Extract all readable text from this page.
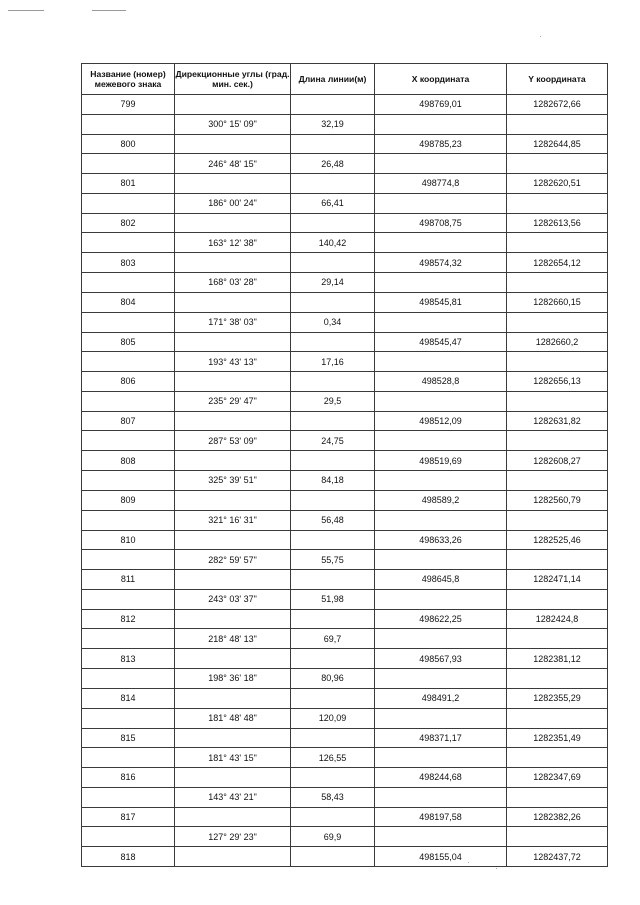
Название (номер) межевого знака	Дирекционные углы (град. мин. сек.)	Длина линии(м)	X координата	Y координата
799			498769,01	1282672,66
	300° 15' 09"	32,19		
800			498785,23	1282644,85
	246° 48' 15"	26,48		
801			498774,8	1282620,51
	186° 00' 24"	66,41		
802			498708,75	1282613,56
	163° 12' 38"	140,42		
803			498574,32	1282654,12
	168° 03' 28"	29,14		
804			498545,81	1282660,15
	171° 38' 03"	0,34		
805			498545,47	1282660,2
	193° 43' 13"	17,16		
806			498528,8	1282656,13
	235° 29' 47"	29,5		
807			498512,09	1282631,82
	287° 53' 09"	24,75		
808			498519,69	1282608,27
	325° 39' 51"	84,18		
809			498589,2	1282560,79
	321° 16' 31"	56,48		
810			498633,26	1282525,46
	282° 59' 57"	55,75		
811			498645,8	1282471,14
	243° 03' 37"	51,98		
812			498622,25	1282424,8
	218° 48' 13"	69,7		
813			498567,93	1282381,12
	198° 36' 18"	80,96		
814			498491,2	1282355,29
	181° 48' 48"	120,09		
815			498371,17	1282351,49
	181° 43' 15"	126,55		
816			498244,68	1282347,69
	143° 43' 21"	58,43		
817			498197,58	1282382,26
	127° 29' 23"	69,9		
818			498155,04	1282437,72
